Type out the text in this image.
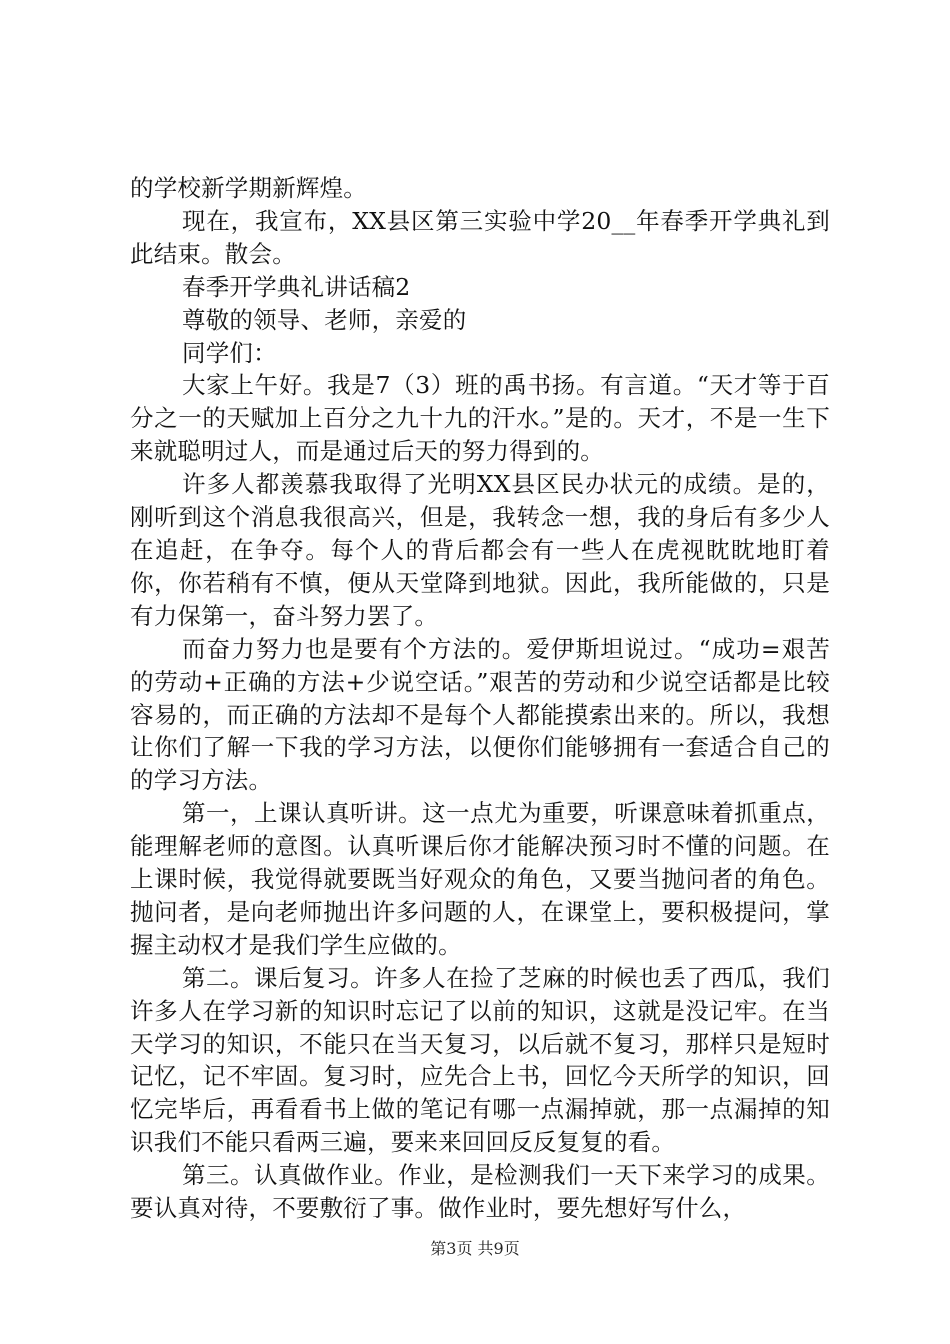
的学校新学期新辉煌。

现在，我宣布，XX县区第三实验中学20__年春季开学典礼到此结束。散会。

春季开学典礼讲话稿2

尊敬的领导、老师，亲爱的

同学们：

大家上午好。我是7（3）班的禹书扬。有言道。“天才等于百分之一的天赋加上百分之九十九的汗水。”是的。天才，不是一生下来就聪明过人，而是通过后天的努力得到的。

许多人都羡慕我取得了光明XX县区民办状元的成绩。是的，刚听到这个消息我很高兴，但是，我转念一想，我的身后有多少人在追赶，在争夺。每个人的背后都会有一些人在虎视眈眈地盯着你，你若稍有不慎，便从天堂降到地狱。因此，我所能做的，只是有力保第一，奋斗努力罢了。

而奋力努力也是要有个方法的。爱伊斯坦说过。“成功=艰苦的劳动+正确的方法+少说空话。”艰苦的劳动和少说空话都是比较容易的，而正确的方法却不是每个人都能摸索出来的。所以，我想让你们了解一下我的学习方法，以便你们能够拥有一套适合自己的的学习方法。

第一，上课认真听讲。这一点尤为重要，听课意味着抓重点，能理解老师的意图。认真听课后你才能解决预习时不懂的问题。在上课时候，我觉得就要既当好观众的角色，又要当抛问者的角色。抛问者，是向老师抛出许多问题的人，在课堂上，要积极提问，掌握主动权才是我们学生应做的。

第二。课后复习。许多人在捡了芝麻的时候也丢了西瓜，我们许多人在学习新的知识时忘记了以前的知识，这就是没记牢。在当天学习的知识，不能只在当天复习，以后就不复习，那样只是短时记忆，记不牢固。复习时，应先合上书，回忆今天所学的知识，回忆完毕后，再看看书上做的笔记有哪一点漏掉就，那一点漏掉的知识我们不能只看两三遍，要来来回回反反复复的看。

第三。认真做作业。作业，是检测我们一天下来学习的成果。要认真对待，不要敷衍了事。做作业时，要先想好写什么，

第3页 共9页
